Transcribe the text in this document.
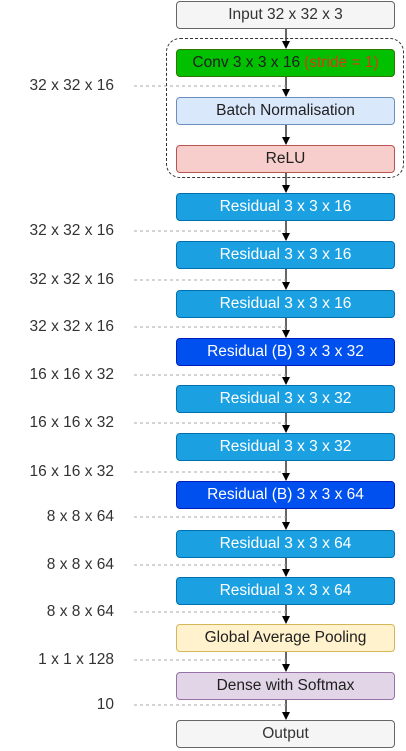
Input 32 x 32 x 3
Conv 3 x 3 x 16 (stride = 1)
Batch Normalisation
ReLU
Residual 3 x 3 x 16
Residual 3 x 3 x 16
Residual 3 x 3 x 16
Residual (B) 3 x 3 x 32
Residual 3 x 3 x 32
Residual 3 x 3 x 32
Residual (B) 3 x 3 x 64
Residual 3 x 3 x 64
Residual 3 x 3 x 64
Global Average Pooling
Dense with Softmax
Output
32 x 32 x 16
32 x 32 x 16
32 x 32 x 16
32 x 32 x 16
16 x 16 x 32
16 x 16 x 32
16 x 16 x 32
8 x 8 x 64
8 x 8 x 64
8 x 8 x 64
1 x 1 x 128
10
